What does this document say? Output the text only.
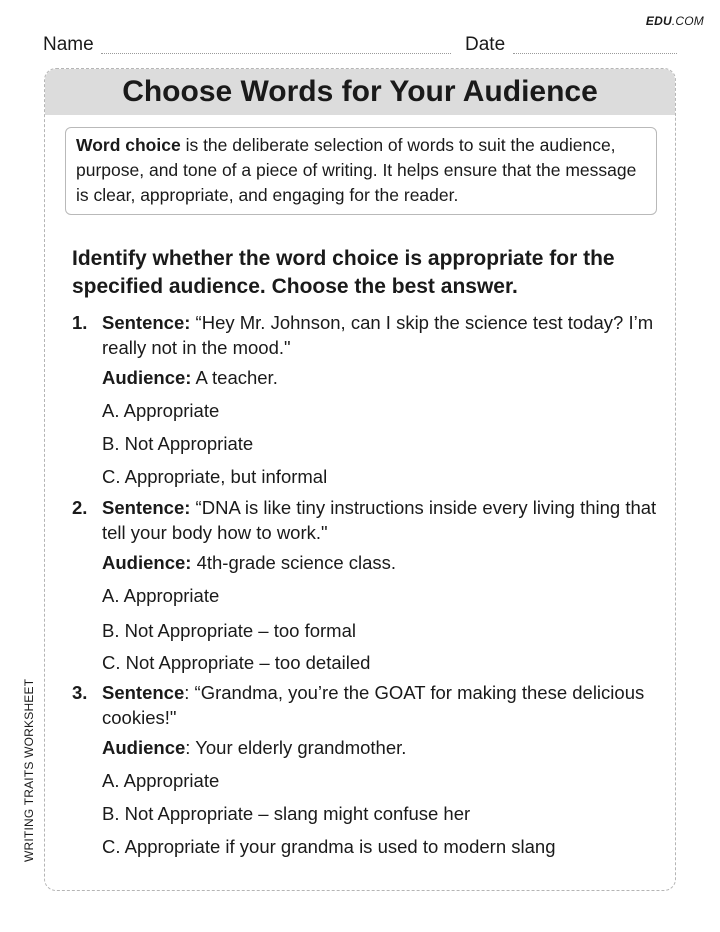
EDU.COM
Name	Date
WRITING TRAITS WORKSHEET
Choose Words for Your Audience
Word choice is the deliberate selection of words to suit the audience, purpose, and tone of a piece of writing. It helps ensure that the message is clear, appropriate, and engaging for the reader.
Identify whether the word choice is appropriate for the specified audience. Choose the best answer.
1. Sentence: “Hey Mr. Johnson, can I skip the science test today? I’m really not in the mood."
Audience: A teacher.
A. Appropriate
B. Not Appropriate
C. Appropriate, but informal
2. Sentence: “DNA is like tiny instructions inside every living thing that tell your body how to work."
Audience: 4th-grade science class.
A. Appropriate
B. Not Appropriate – too formal
C. Not Appropriate – too detailed
3. Sentence: “Grandma, you’re the GOAT for making these delicious cookies!"
Audience: Your elderly grandmother.
A. Appropriate
B. Not Appropriate – slang might confuse her
C. Appropriate if your grandma is used to modern slang
